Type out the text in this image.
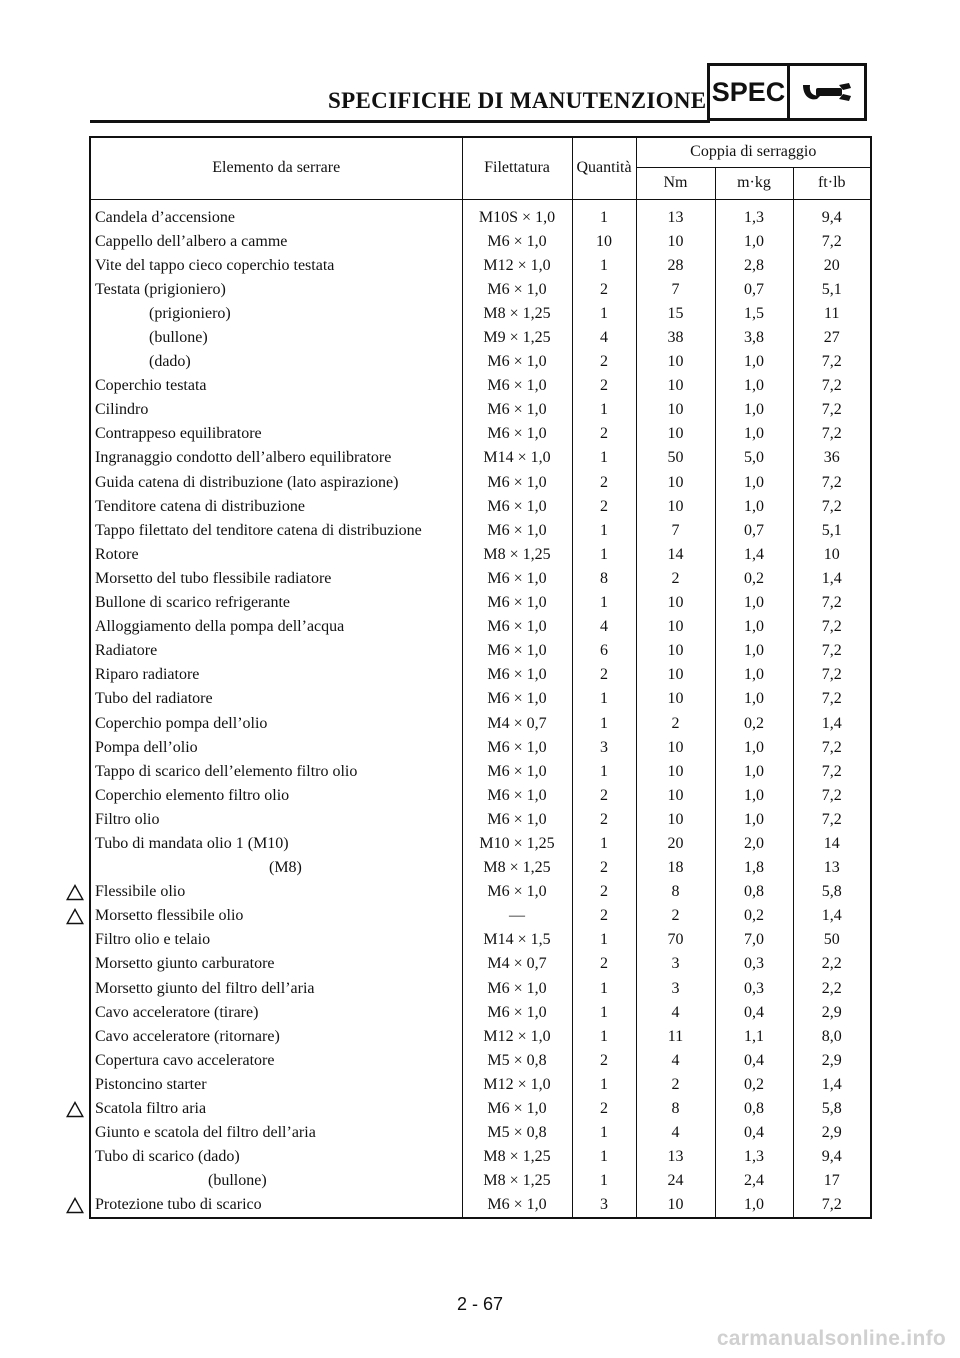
SPECIFICHE DI MANUTENZIONE SPEC
Elemento da serrare	Filettatura	Quantità	Coppia di serraggio		
			Nm	m·kg	ft·lb
Candela d’accensione	M10S × 1,0	1	13	1,3	9,4
Cappello dell’albero a camme	M6 × 1,0	10	10	1,0	7,2
Vite del tappo cieco coperchio testata	M12 × 1,0	1	28	2,8	20
Testata (prigioniero)	M6 × 1,0	2	7	0,7	5,1
(prigioniero)	M8 × 1,25	1	15	1,5	11
(bullone)	M9 × 1,25	4	38	3,8	27
(dado)	M6 × 1,0	2	10	1,0	7,2
Coperchio testata	M6 × 1,0	2	10	1,0	7,2
Cilindro	M6 × 1,0	1	10	1,0	7,2
Contrappeso equilibratore	M6 × 1,0	2	10	1,0	7,2
Ingranaggio condotto dell’albero equilibratore	M14 × 1,0	1	50	5,0	36
Guida catena di distribuzione (lato aspirazione)	M6 × 1,0	2	10	1,0	7,2
Tenditore catena di distribuzione	M6 × 1,0	2	10	1,0	7,2
Tappo filettato del tenditore catena di distribuzione	M6 × 1,0	1	7	0,7	5,1
Rotore	M8 × 1,25	1	14	1,4	10
Morsetto del tubo flessibile radiatore	M6 × 1,0	8	2	0,2	1,4
Bullone di scarico refrigerante	M6 × 1,0	1	10	1,0	7,2
Alloggiamento della pompa dell’acqua	M6 × 1,0	4	10	1,0	7,2
Radiatore	M6 × 1,0	6	10	1,0	7,2
Riparo radiatore	M6 × 1,0	2	10	1,0	7,2
Tubo del radiatore	M6 × 1,0	1	10	1,0	7,2
Coperchio pompa dell’olio	M4 × 0,7	1	2	0,2	1,4
Pompa dell’olio	M6 × 1,0	3	10	1,0	7,2
Tappo di scarico dell’elemento filtro olio	M6 × 1,0	1	10	1,0	7,2
Coperchio elemento filtro olio	M6 × 1,0	2	10	1,0	7,2
Filtro olio	M6 × 1,0	2	10	1,0	7,2
Tubo di mandata olio 1 (M10)	M10 × 1,25	1	20	2,0	14
(M8)	M8 × 1,25	2	18	1,8	13
Flessibile olio	M6 × 1,0	2	8	0,8	5,8
Morsetto flessibile olio	—	2	2	0,2	1,4
Filtro olio e telaio	M14 × 1,5	1	70	7,0	50
Morsetto giunto carburatore	M4 × 0,7	2	3	0,3	2,2
Morsetto giunto del filtro dell’aria	M6 × 1,0	1	3	0,3	2,2
Cavo acceleratore (tirare)	M6 × 1,0	1	4	0,4	2,9
Cavo acceleratore (ritornare)	M12 × 1,0	1	11	1,1	8,0
Copertura cavo acceleratore	M5 × 0,8	2	4	0,4	2,9
Pistoncino starter	M12 × 1,0	1	2	0,2	1,4
Scatola filtro aria	M6 × 1,0	2	8	0,8	5,8
Giunto e scatola del filtro dell’aria	M5 × 0,8	1	4	0,4	2,9
Tubo di scarico (dado)	M8 × 1,25	1	13	1,3	9,4
(bullone)	M8 × 1,25	1	24	2,4	17
Protezione tubo di scarico	M6 × 1,0	3	10	1,0	7,2
2 - 67
carmanualsonline.info
